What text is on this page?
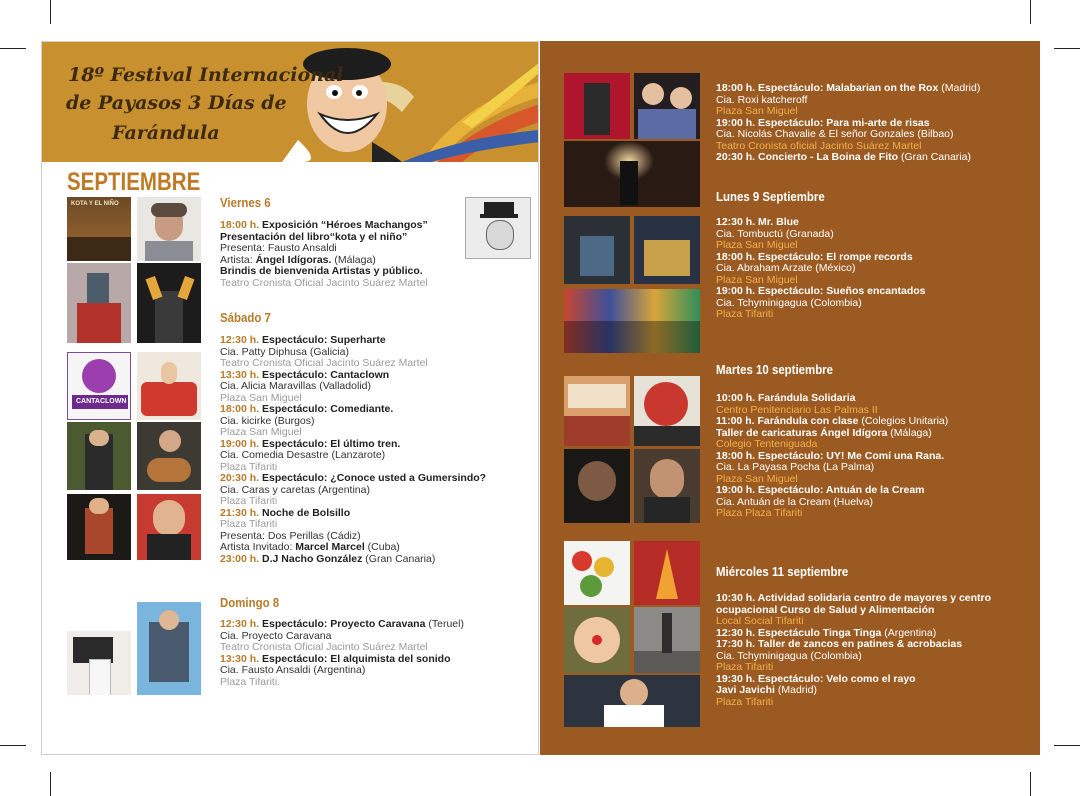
18º Festival Internacional
de Payasos 3 Días de
Farándula
SEPTIEMBRE
KOTA Y EL NIÑO
CANTACLOWN
Viernes 6
18:00 h. Exposición “Héroes Machangos”
Presentación del libro“kota y el niño”
Presenta: Fausto Ansaldi
Artista: Ángel Idígoras. (Málaga)
Brindis de bienvenida Artistas y público.
Teatro Cronista Oficial Jacinto Suárez Martel
Sábado 7
12:30 h. Espectáculo: Superharte
Cia. Patty Diphusa (Galicia)
Teatro Cronista Oficial Jacinto Suárez Martel
13:30 h. Espectáculo: Cantaclown
Cia. Alicia Maravillas (Valladolid)
Plaza San Miguel
18:00 h. Espectáculo: Comediante.
Cia. kicirke (Burgos)
Plaza San Miguel
19:00 h. Espectáculo: El último tren.
Cia. Comedia Desastre (Lanzarote)
Plaza Tifariti
20:30 h. Espectáculo: ¿Conoce usted a Gumersindo?
Cia. Caras y caretas (Argentina)
Plaza Tifariti
21:30 h. Noche de Bolsillo
Plaza Tifariti
Presenta: Dos Perillas (Cádiz)
Artista Invitado: Marcel Marcel (Cuba)
23:00 h. D.J Nacho González (Gran Canaria)
Domingo 8
12:30 h. Espectáculo: Proyecto Caravana (Teruel)
Cia. Proyecto Caravana
Teatro Cronista Oficial Jacinto Suárez Martel
13:30 h. Espectáculo: El alquimista del sonido
Cia. Fausto Ansaldi (Argentina)
Plaza Tifariti.
18:00 h. Espectáculo: Malabarian on the Rox (Madrid)
Cia. Roxi katcheroff
Plaza San Miguel
19:00 h. Espectáculo: Para mi-arte de risas
Cia. Nicolás Chavalie & El señor Gonzales (Bilbao)
Teatro Cronista oficial Jacinto Suárez Martel
20:30 h. Concierto - La Boina de Fito (Gran Canaria)
Lunes 9 Septiembre
12:30 h. Mr. Blue
Cia. Tombuctú (Granada)
Plaza San Miguel
18:00 h. Espectáculo: El rompe records
Cia. Abraham Arzate (México)
Plaza San Miguel
19:00 h. Espectáculo: Sueños encantados
Cia. Tchyminigagua (Colombia)
Plaza Tifariti
Martes 10 septiembre
10:00 h. Farándula Solidaria
Centro Penitenciario Las Palmas II
11:00 h. Farándula con clase (Colegios Unitaria)
Taller de caricaturas Ángel Idígora (Málaga)
Colegio Tenteniguada
18:00 h. Espectáculo: UY! Me Comí una Rana.
Cia. La Payasa Pocha (La Palma)
Plaza San Miguel
19:00 h. Espectáculo: Antuán de la Cream
Cia. Antuán de la Cream (Huelva)
Plaza Plaza Tifariti
Miércoles 11 septiembre
10:30 h. Actividad solidaria centro de mayores y centro
ocupacional Curso de Salud y Alimentación
Local Social Tifariti
12:30 h. Espectáculo Tinga Tinga (Argentina)
17:30 h. Taller de zancos en patines & acrobacias
Cia. Tchyminigagua (Colombia)
Plaza Tifariti
19:30 h. Espectáculo: Velo como el rayo
Javi Javichi (Madrid)
Plaza Tifariti
